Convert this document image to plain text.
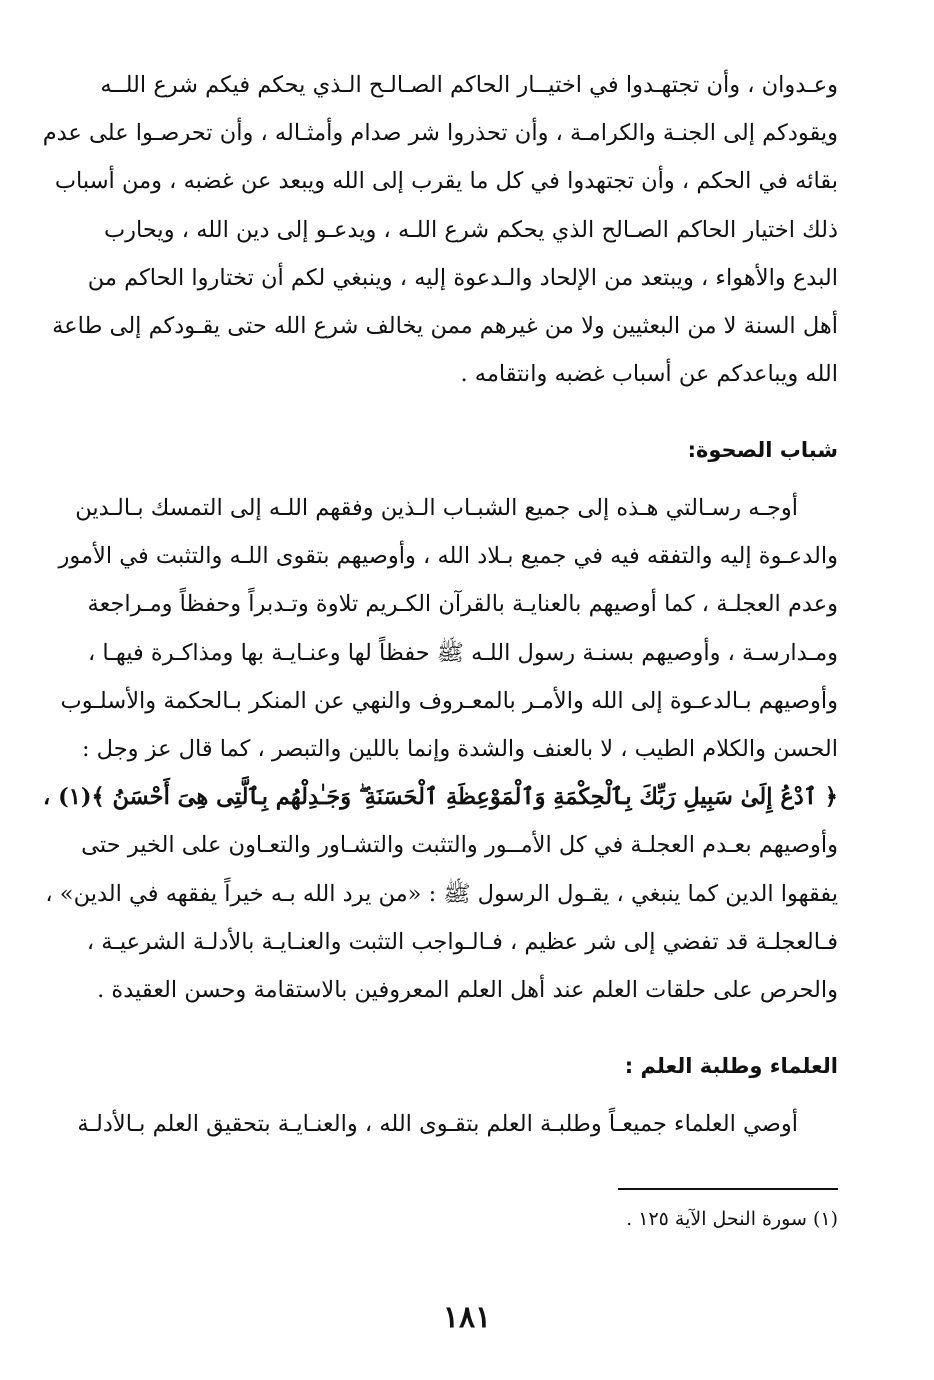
وعـدوان ، وأن تجتهـدوا في اختيــار الحاكم الصـالـح الـذي يحكم فيكم شرع اللــه
ويقودكم إلى الجنـة والكرامـة ، وأن تحذروا شر صدام وأمثـاله ، وأن تحرصـوا على عدم
بقائه في الحكم ، وأن تجتهدوا في كل ما يقرب إلى الله ويبعد عن غضبه ، ومن أسباب
ذلك اختيار الحاكم الصـالح الذي يحكم شرع اللـه ، ويدعـو إلى دين الله ، ويحارب
البدع والأهواء ، ويبتعد من الإلحاد والـدعوة إليه ، وينبغي لكم أن تختاروا الحاكم من
أهل السنة لا من البعثيين ولا من غيرهم ممن يخالف شرع الله حتى يقـودكم إلى طاعة
الله ويباعدكم عن أسباب غضبه وانتقامه .
شباب الصحوة:
أوجـه رسـالتي هـذه إلى جميع الشبـاب الـذين وفقهم اللـه إلى التمسك بـالـدين
والدعـوة إليه والتفقه فيه في جميع بـلاد الله ، وأوصيهم بتقوى اللـه والتثبت في الأمور
وعدم العجلـة ، كما أوصيهم بالعنايـة بالقرآن الكـريم تلاوة وتـدبراً وحفظاً ومـراجعة
ومـدارسـة ، وأوصيهم بسنـة رسول اللـه ﷺ حفظاً لها وعنـايـة بها ومذاكـرة فيهـا ،
وأوصيهم بـالدعـوة إلى الله والأمـر بالمعـروف والنهي عن المنكر بـالحكمة والأسلـوب
الحسن والكلام الطيب ، لا بالعنف والشدة وإنما باللين والتبصر ، كما قال عز وجل :
﴿ ٱدْعُ إِلَىٰ سَبِيلِ رَبِّكَ بِٱلْحِكْمَةِ وَٱلْمَوْعِظَةِ ٱلْحَسَنَةِ ۖ وَجَـٰدِلْهُم بِٱلَّتِى هِىَ أَحْسَنُ ﴾(١) ،
وأوصيهم بعـدم العجلـة في كل الأمــور والتثبت والتشـاور والتعـاون على الخير حتى
يفقهوا الدين كما ينبغي ، يقـول الرسول ﷺ : «من يرد الله بـه خيراً يفقهه في الدين» ،
فـالعجلـة قد تفضي إلى شر عظيم ، فـالـواجب التثبت والعنـايـة بالأدلـة الشرعيـة ،
والحرص على حلقات العلم عند أهل العلم المعروفين بالاستقامة وحسن العقيدة .
العلماء وطلبة العلم :
أوصي العلماء جميعـاً وطلبـة العلم بتقـوى الله ، والعنـايـة بتحقيق العلم بـالأدلـة
(١) سورة النحل الآية ١٢٥ .
١٨١
